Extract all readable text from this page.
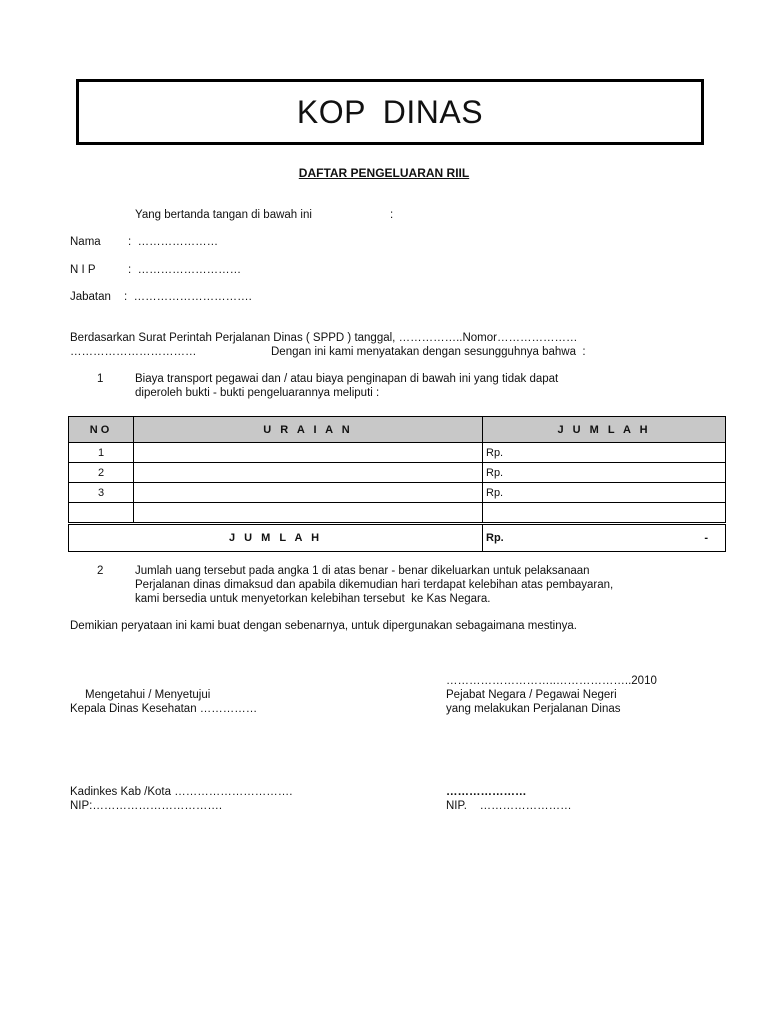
KOP DINAS
DAFTAR PENGELUARAN RIIL
Yang bertanda tangan di bawah ini	:
Nama :  …………………
N I P	:  ………………………
Jabatan :  ………………………….
Berdasarkan Surat Perintah Perjalanan Dinas ( SPPD ) tanggal, ……………..Nomor…………………
……………………………	Dengan ini kami menyatakan dengan sesungguhnya bahwa  :
1	Biaya transport pegawai dan / atau biaya penginapan di bawah ini yang tidak dapat
diperoleh bukti - bukti pengeluarannya meliputi :
NO	U R A I A N	J U M L A H
1		Rp.
2		Rp.
3		Rp.

J U M L A H		Rp. -
2	Jumlah uang tersebut pada angka 1 di atas benar - benar dikeluarkan untuk pelaksanaan
Perjalanan dinas dimaksud dan apabila dikemudian hari terdapat kelebihan atas pembayaran,
kami bersedia untuk menyetorkan kelebihan tersebut  ke Kas Negara.
Demikian peryataan ini kami buat dengan sebenarnya, untuk dipergunakan sebagaimana mestinya.
………………………..………………..2010
Mengetahui / Menyetujui
Kepala Dinas Kesehatan ……………
Pejabat Negara / Pegawai Negeri
yang melakukan Perjalanan Dinas
Kadinkes Kab /Kota ………………………….
NIP:…………………………….
…………………
NIP.    ……………………
